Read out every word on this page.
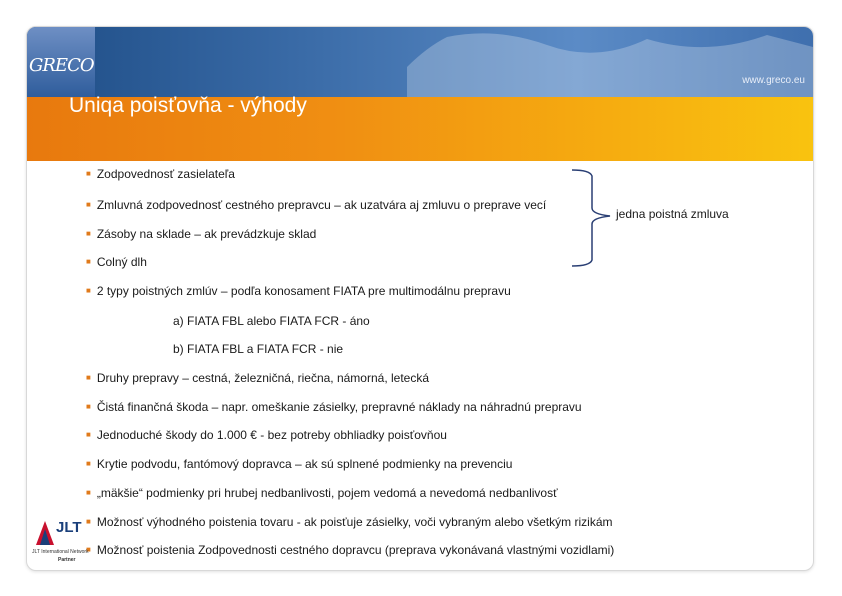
GRECO
www.greco.eu
Uniqa poisťovňa - výhody
■ Zodpovednosť zasielateľa
■ Zmluvná zodpovednosť cestného prepravcu – ak uzatvára aj zmluvu o preprave vecí
■ Zásoby na sklade – ak prevádzkuje sklad
■ Colný dlh
■ 2 typy poistných zmlúv – podľa konosament FIATA pre multimodálnu prepravu
a) FIATA FBL alebo FIATA FCR - áno
b) FIATA FBL a FIATA FCR - nie
■ Druhy prepravy – cestná, železničná, riečna, námorná, letecká
■ Čistá finančná škoda – napr. omeškanie zásielky, prepravné náklady na náhradnú prepravu
■ Jednoduché škody do 1.000 € - bez potreby obhliadky poisťovňou
■ Krytie podvodu, fantómový dopravca – ak sú splnené podmienky na prevenciu
■ „mäkšie“ podmienky pri hrubej nedbanlivosti, pojem vedomá a nevedomá nedbanlivosť
■ Možnosť výhodného poistenia tovaru - ak poisťuje zásielky, voči vybraným alebo všetkým rizikám
■ Možnosť poistenia Zodpovednosti cestného dopravcu (preprava vykonávaná vlastnými vozidlami)
jedna poistná zmluva
JLT
JLT International Network
Partner
